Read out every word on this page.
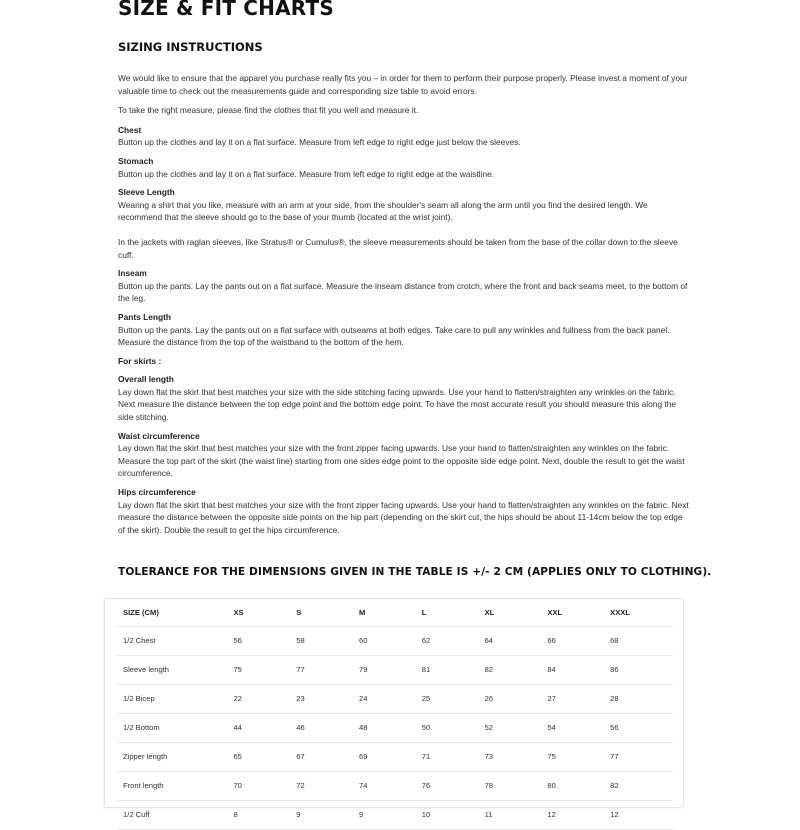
SIZE & FIT CHARTS
SIZING INSTRUCTIONS

We would like to ensure that the apparel you purchase really fits you – in order for them to perform their purpose properly. Please invest a moment of your valuable time to check out the measurements guide and corresponding size table to avoid errors.

To take the right measure, please find the clothes that fit you well and measure it.

Chest

Button up the clothes and lay it on a flat surface. Measure from left edge to right edge just below the sleeves.

Stomach

Button up the clothes and lay it on a flat surface. Measure from left edge to right edge at the waistline.

Sleeve Length

Wearing a shirt that you like, measure with an arm at your side, from the shoulder's seam all along the arm until you find the desired length. We recommend that the sleeve should go to the base of your thumb (located at the wrist joint).

In the jackets with raglan sleeves, like Stratus® or Cumulus®, the sleeve measurements should be taken from the base of the collar down to the sleeve cuff.

Inseam

Button up the pants. Lay the pants out on a flat surface. Measure the inseam distance from crotch, where the front and back seams meet, to the bottom of the leg.

Pants Length

Button up the pants. Lay the pants out on a flat surface with outseams at both edges. Take care to pull any wrinkles and fullness from the back panel. Measure the distance from the top of the waistband to the bottom of the hem.

For skirts :

Overall length

Lay down flat the skirt that best matches your size with the side stitching facing upwards. Use your hand to flatten/straighten any wrinkles on the fabric. Next measure the distance between the top edge point and the bottom edge point. To have the most accurate result you should measure this along the side stitching.

Waist circumference

Lay down flat the skirt that best matches your size with the front zipper facing upwards. Use your hand to flatten/straighten any wrinkles on the fabric. Measure the top part of the skirt (the waist line) starting from one sides edge point to the opposite side edge point. Next, double the result to get the waist circumference.

Hips circumference

Lay down flat the skirt that best matches your size with the front zipper facing upwards. Use your hand to flatten/straighten any wrinkles on the fabric. Next measure the distance between the opposite side points on the hip part (depending on the skirt cut, the hips should be about 11-14cm below the top edge of the skirt). Double the result to get the hips circumference.

TOLERANCE FOR THE DIMENSIONS GIVEN IN THE TABLE IS +/- 2 CM (APPLIES ONLY TO CLOTHING).
SIZE (CM)	XS	S	M	L	XL	XXL	XXXL
1/2 Chest	56	58	60	62	64	66	68
Sleeve length	75	77	79	81	82	84	86
1/2 Bicep	22	23	24	25	26	27	28
1/2 Bottom	44	46	48	50	52	54	56
Zipper length	65	67	69	71	73	75	77
Front length	70	72	74	76	78	80	82
1/2 Cuff	8	9	9	10	11	12	12
